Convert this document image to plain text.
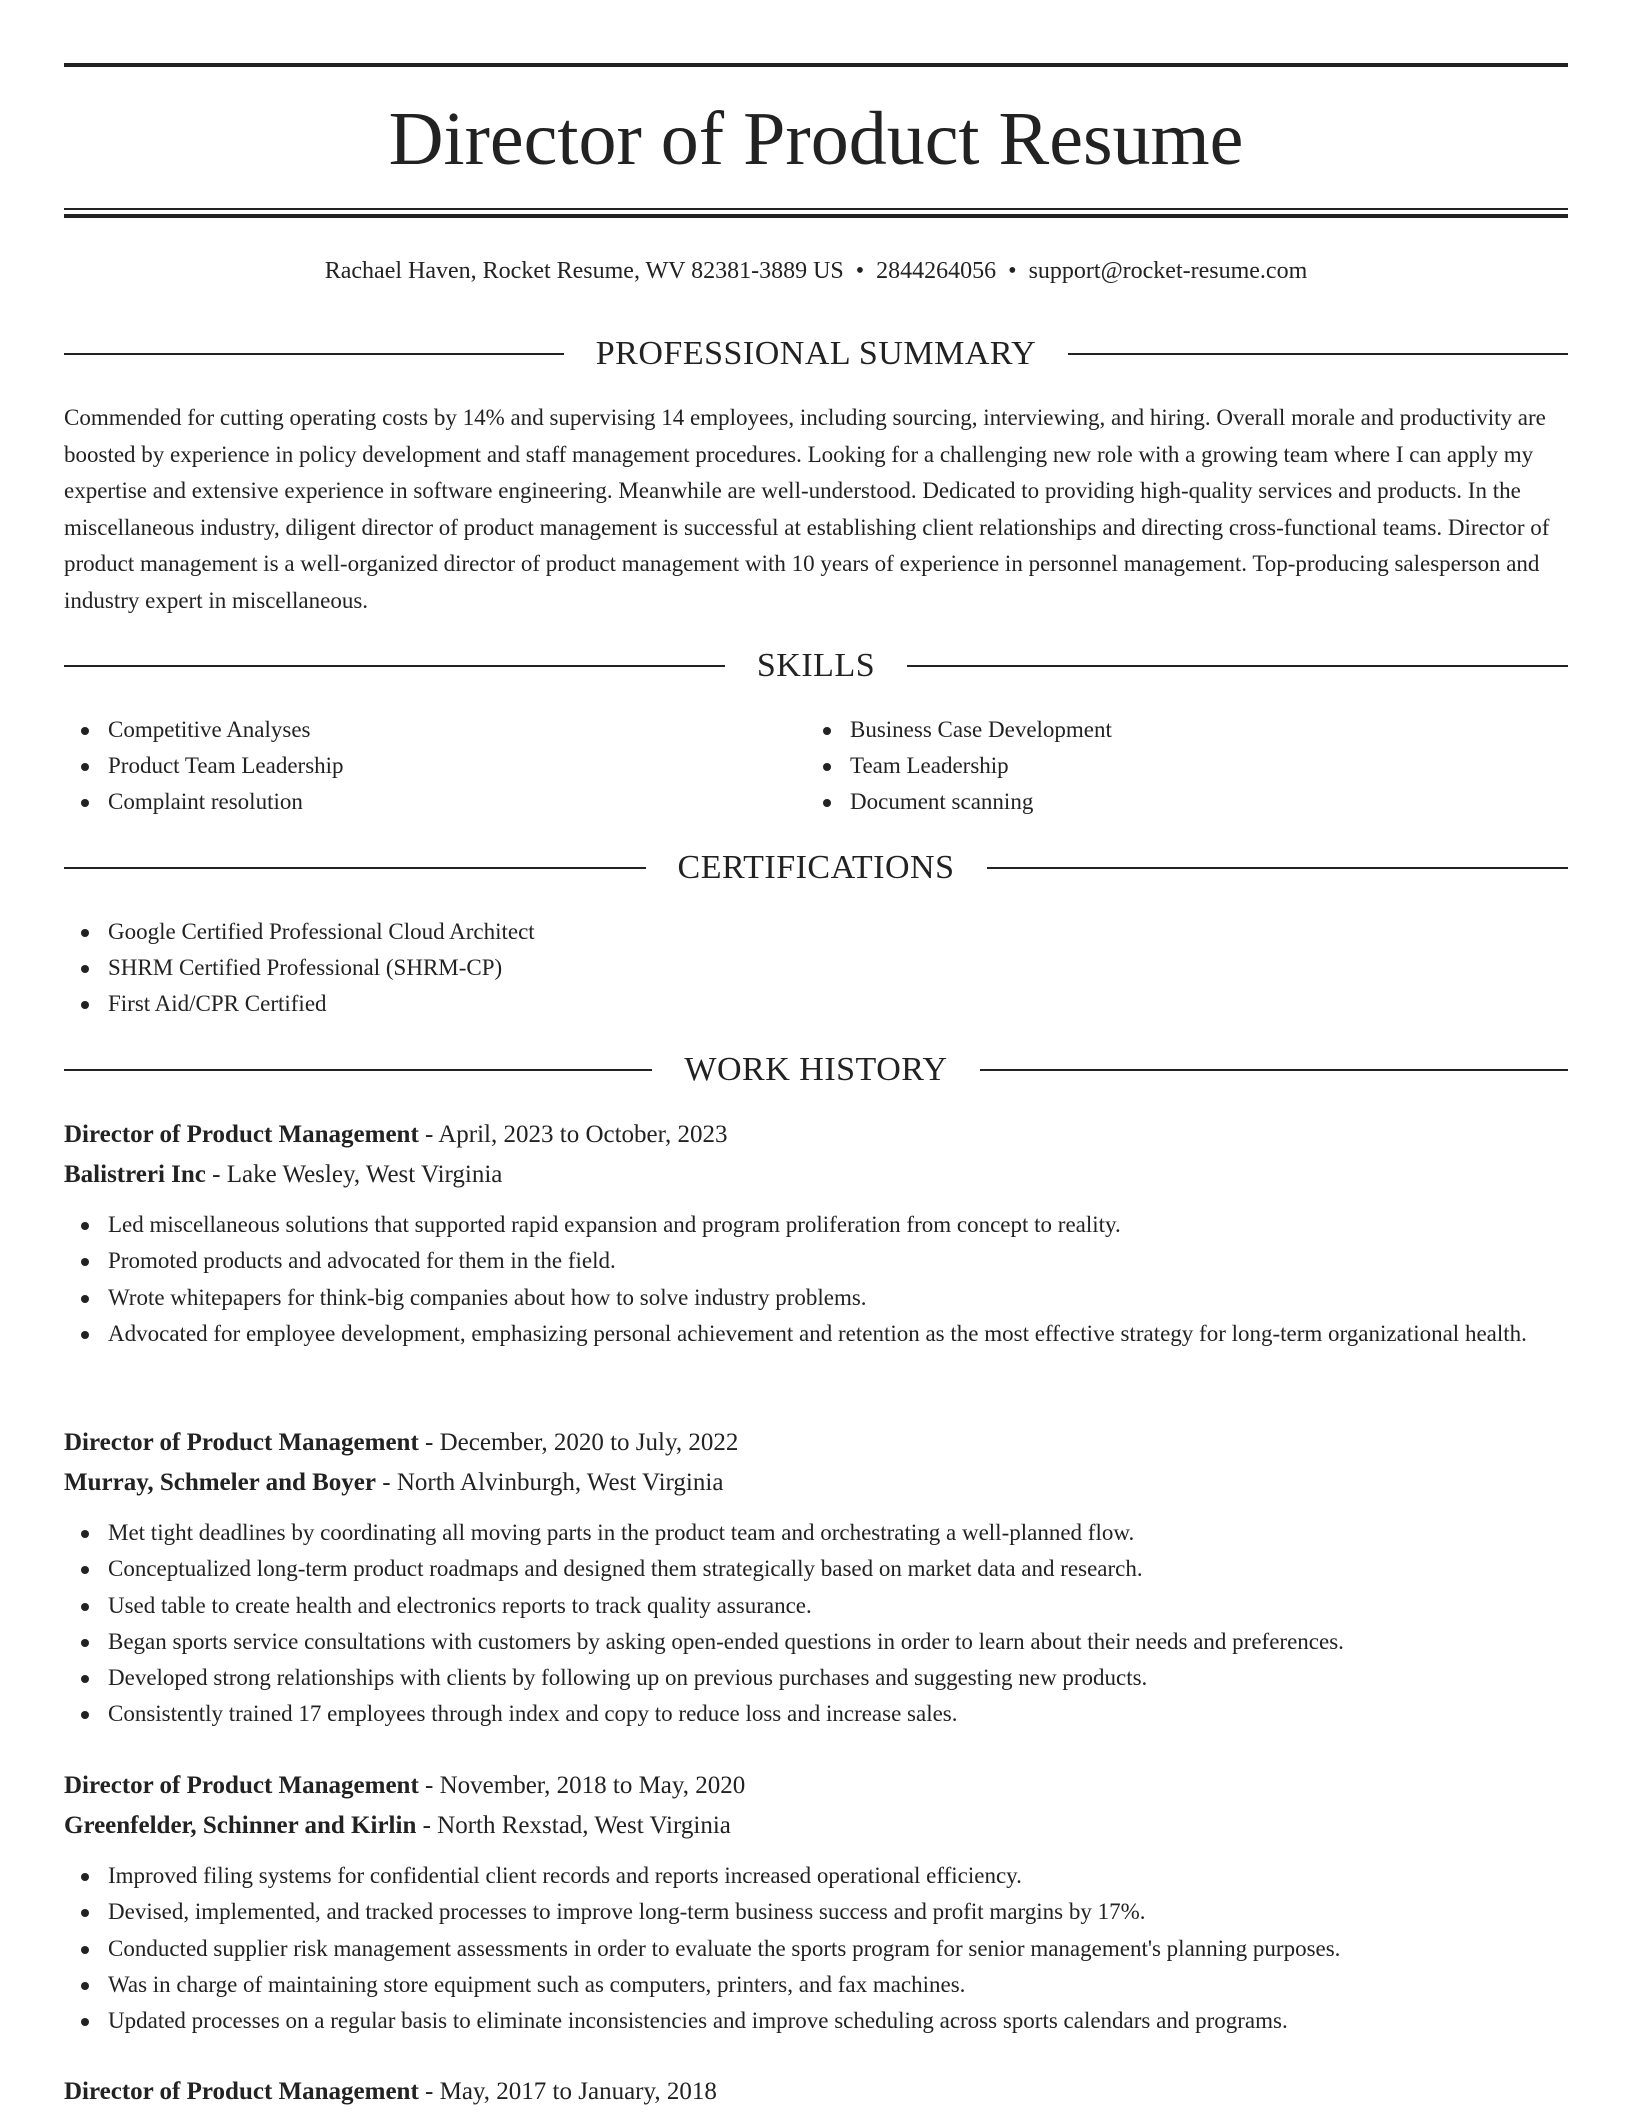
Director of Product Resume
Rachael Haven, Rocket Resume, WV 82381-3889 US • 2844264056 • support@rocket-resume.com
PROFESSIONAL SUMMARY

Commended for cutting operating costs by 14% and supervising 14 employees, including sourcing, interviewing, and hiring. Overall morale and productivity are boosted by experience in policy development and staff management procedures. Looking for a challenging new role with a growing team where I can apply my expertise and extensive experience in software engineering. Meanwhile are well-understood. Dedicated to providing high-quality services and products. In the miscellaneous industry, diligent director of product management is successful at establishing client relationships and directing cross-functional teams. Director of product management is a well-organized director of product management with 10 years of experience in personnel management. Top-producing salesperson and industry expert in miscellaneous.

SKILLS
Competitive Analyses
Product Team Leadership
Complaint resolution
Business Case Development
Team Leadership
Document scanning
CERTIFICATIONS
Google Certified Professional Cloud Architect
SHRM Certified Professional (SHRM-CP)
First Aid/CPR Certified
WORK HISTORY
Director of Product Management - April, 2023 to October, 2023
Balistreri Inc - Lake Wesley, West Virginia
Led miscellaneous solutions that supported rapid expansion and program proliferation from concept to reality.
Promoted products and advocated for them in the field.
Wrote whitepapers for think-big companies about how to solve industry problems.
Advocated for employee development, emphasizing personal achievement and retention as the most effective strategy for long-term organizational health.
Director of Product Management - December, 2020 to July, 2022
Murray, Schmeler and Boyer - North Alvinburgh, West Virginia
Met tight deadlines by coordinating all moving parts in the product team and orchestrating a well-planned flow.
Conceptualized long-term product roadmaps and designed them strategically based on market data and research.
Used table to create health and electronics reports to track quality assurance.
Began sports service consultations with customers by asking open-ended questions in order to learn about their needs and preferences.
Developed strong relationships with clients by following up on previous purchases and suggesting new products.
Consistently trained 17 employees through index and copy to reduce loss and increase sales.
Director of Product Management - November, 2018 to May, 2020
Greenfelder, Schinner and Kirlin - North Rexstad, West Virginia
Improved filing systems for confidential client records and reports increased operational efficiency.
Devised, implemented, and tracked processes to improve long-term business success and profit margins by 17%.
Conducted supplier risk management assessments in order to evaluate the sports program for senior management's planning purposes.
Was in charge of maintaining store equipment such as computers, printers, and fax machines.
Updated processes on a regular basis to eliminate inconsistencies and improve scheduling across sports calendars and programs.
Director of Product Management - May, 2017 to January, 2018
